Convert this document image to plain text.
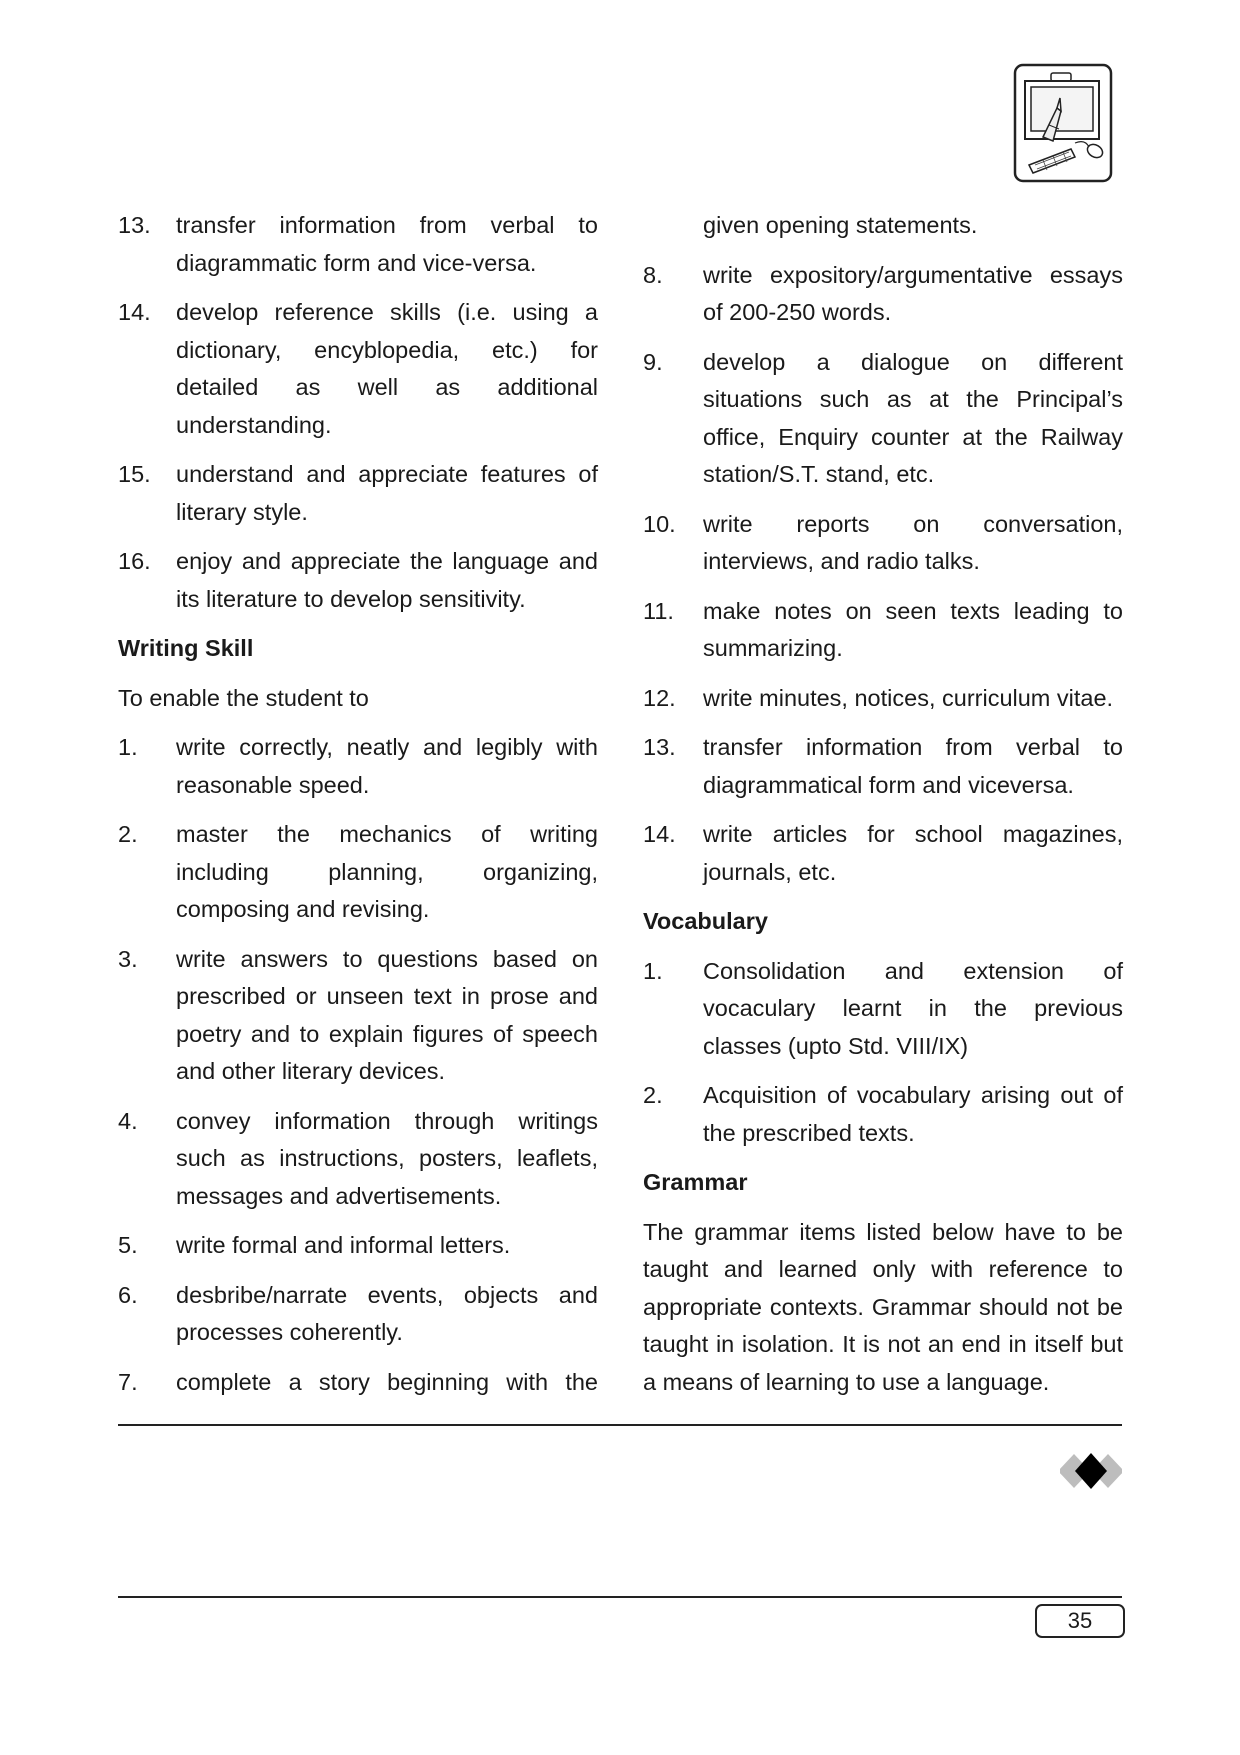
13.	transfer information from verbal to diagrammatic form and vice-versa.
14.	develop reference skills (i.e. using a dictionary, encyblopedia, etc.) for detailed as well as additional understanding.
15.	understand and appreciate features of literary style.
16.	enjoy and appreciate the language and its literature to develop sensitivity.
Writing Skill
To enable the student to
1.	write correctly, neatly and legibly with reasonable speed.
2.	master the mechanics of writing including planning, organizing, composing and revising.
3.	write answers to questions based on prescribed or unseen text in prose and poetry and to explain figures of speech and other literary devices.
4.	convey information through writings such as instructions, posters, leaflets, messages and advertisements.
5.	write formal and informal letters.
6.	desbribe/narrate events, objects and processes coherently.
7.	complete a story beginning with the
given opening statements.
8.	write expository/argumentative essays of 200-250 words.
9.	develop a dialogue on different situations such as at the Principal’s office, Enquiry counter at the Railway station/S.T. stand, etc.
10.	write reports on conversation, interviews, and radio talks.
11.	make notes on seen texts leading to summarizing.
12.	write minutes, notices, curriculum vitae.
13.	transfer information from verbal to diagrammatical form and viceversa.
14.	write articles for school magazines, journals, etc.
Vocabulary
1.	Consolidation and extension of vocaculary learnt in the previous classes (upto Std. VIII/IX)
2.	Acquisition of vocabulary arising out of the prescribed texts.
Grammar
The grammar items listed below have to be taught and learned only with reference to appropriate contexts. Grammar should not be taught in isolation. It is not an end in itself but a means of learning to use a language.
35
